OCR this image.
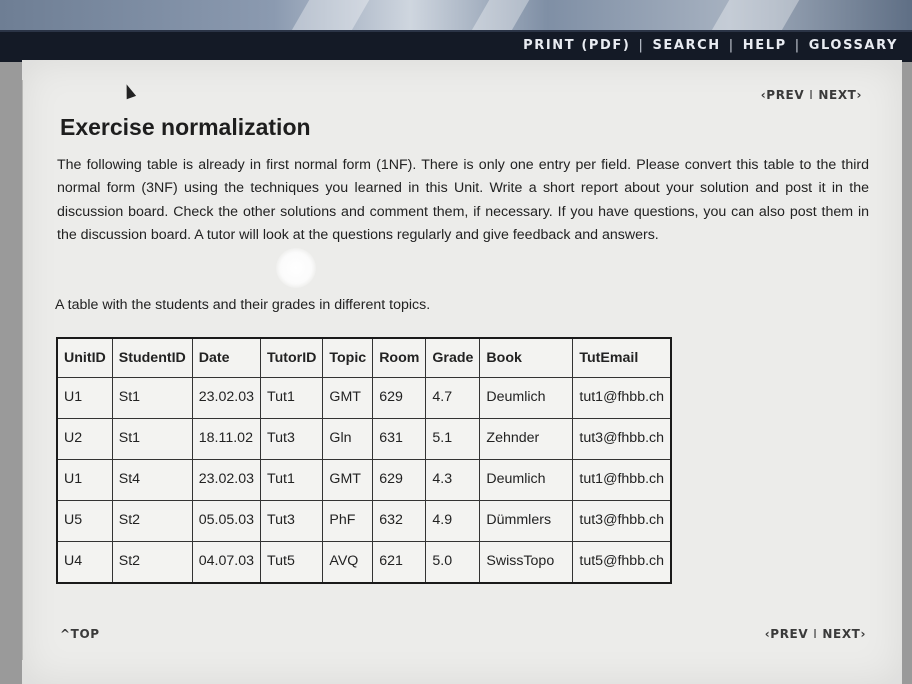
PRINT (PDF) | SEARCH | HELP | GLOSSARY
‹PREV I NEXT›
Exercise normalization

The following table is already in first normal form (1NF). There is only one entry per field. Please convert this table to the third normal form (3NF) using the techniques you learned in this Unit. Write a short report about your solution and post it in the discussion board. Check the other solutions and comment them, if necessary. If you have questions, you can also post them in the discussion board. A tutor will look at the questions regularly and give feedback and answers.

A table with the students and their grades in different topics.

UnitID	StudentID	Date	TutorID	Topic	Room	Grade	Book	TutEmail
U1	St1	23.02.03	Tut1	GMT	629	4.7	Deumlich	tut1@fhbb.ch
U2	St1	18.11.02	Tut3	Gln	631	5.1	Zehnder	tut3@fhbb.ch
U1	St4	23.02.03	Tut1	GMT	629	4.3	Deumlich	tut1@fhbb.ch
U5	St2	05.05.03	Tut3	PhF	632	4.9	Dümmlers	tut3@fhbb.ch
U4	St2	04.07.03	Tut5	AVQ	621	5.0	SwissTopo	tut5@fhbb.ch
^TOP	‹PREV I NEXT›
